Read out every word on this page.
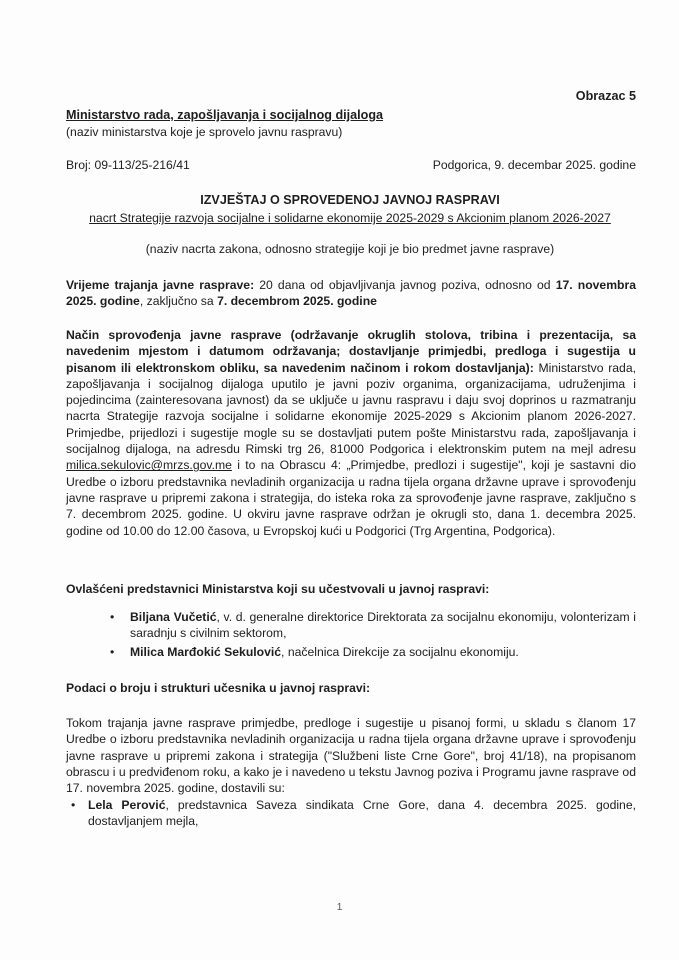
Obrazac 5
Ministarstvo rada, zapošljavanja i socijalnog dijaloga
(naziv ministarstva koje je sprovelo javnu raspravu)
Broj: 09-113/25-216/41	Podgorica, 9. decembar 2025. godine
IZVJEŠTAJ O SPROVEDENOJ JAVNOJ RASPRAVI
nacrt Strategije razvoja socijalne i solidarne ekonomije 2025-2029 s Akcionim planom 2026-2027
(naziv nacrta zakona, odnosno strategije koji je bio predmet javne rasprave)
Vrijeme trajanja javne rasprave: 20 dana od objavljivanja javnog poziva, odnosno od 17. novembra 2025. godine, zaključno sa 7. decembrom 2025. godine
Način sprovođenja javne rasprave (održavanje okruglih stolova, tribina i prezentacija, sa navedenim mjestom i datumom održavanja; dostavljanje primjedbi, predloga i sugestija u pisanom ili elektronskom obliku, sa navedenim načinom i rokom dostavljanja): Ministarstvo rada, zapošljavanja i socijalnog dijaloga uputilo je javni poziv organima, organizacijama, udruženjima i pojedincima (zainteresovana javnost) da se uključe u javnu raspravu i daju svoj doprinos u razmatranju nacrta Strategije razvoja socijalne i solidarne ekonomije 2025-2029 s Akcionim planom 2026-2027. Primjedbe, prijedlozi i sugestije mogle su se dostavljati putem pošte Ministarstvu rada, zapošljavanja i socijalnog dijaloga, na adresdu Rimski trg 26, 81000 Podgorica i elektronskim putem na mejl adresu milica.sekulovic@mrzs.gov.me i to na Obrascu 4: „Primjedbe, predlozi i sugestije", koji je sastavni dio Uredbe o izboru predstavnika nevladinih organizacija u radna tijela organa državne uprave i sprovođenju javne rasprave u pripremi zakona i strategija, do isteka roka za sprovođenje javne rasprave, zaključno s 7. decembrom 2025. godine. U okviru javne rasprave održan je okrugli sto, dana 1. decembra 2025. godine od 10.00 do 12.00 časova, u Evropskoj kući u Podgorici (Trg Argentina, Podgorica).
Ovlašćeni predstavnici Ministarstva koji su učestvovali u javnoj raspravi:
• Biljana Vučetić, v. d. generalne direktorice Direktorata za socijalnu ekonomiju, volonterizam i saradnju s civilnim sektorom,
• Milica Marđokić Sekulović, načelnica Direkcije za socijalnu ekonomiju.
Podaci o broju i strukturi učesnika u javnoj raspravi:
Tokom trajanja javne rasprave primjedbe, predloge i sugestije u pisanoj formi, u skladu s članom 17 Uredbe o izboru predstavnika nevladinih organizacija u radna tijela organa državne uprave i sprovođenju javne rasprave u pripremi zakona i strategija ("Službeni liste Crne Gore", broj 41/18), na propisanom obrascu i u predviđenom roku, a kako je i navedeno u tekstu Javnog poziva i Programu javne rasprave od 17. novembra 2025. godine, dostavili su:
• Lela Perović, predstavnica Saveza sindikata Crne Gore, dana 4. decembra 2025. godine, dostavljanjem mejla,
1
